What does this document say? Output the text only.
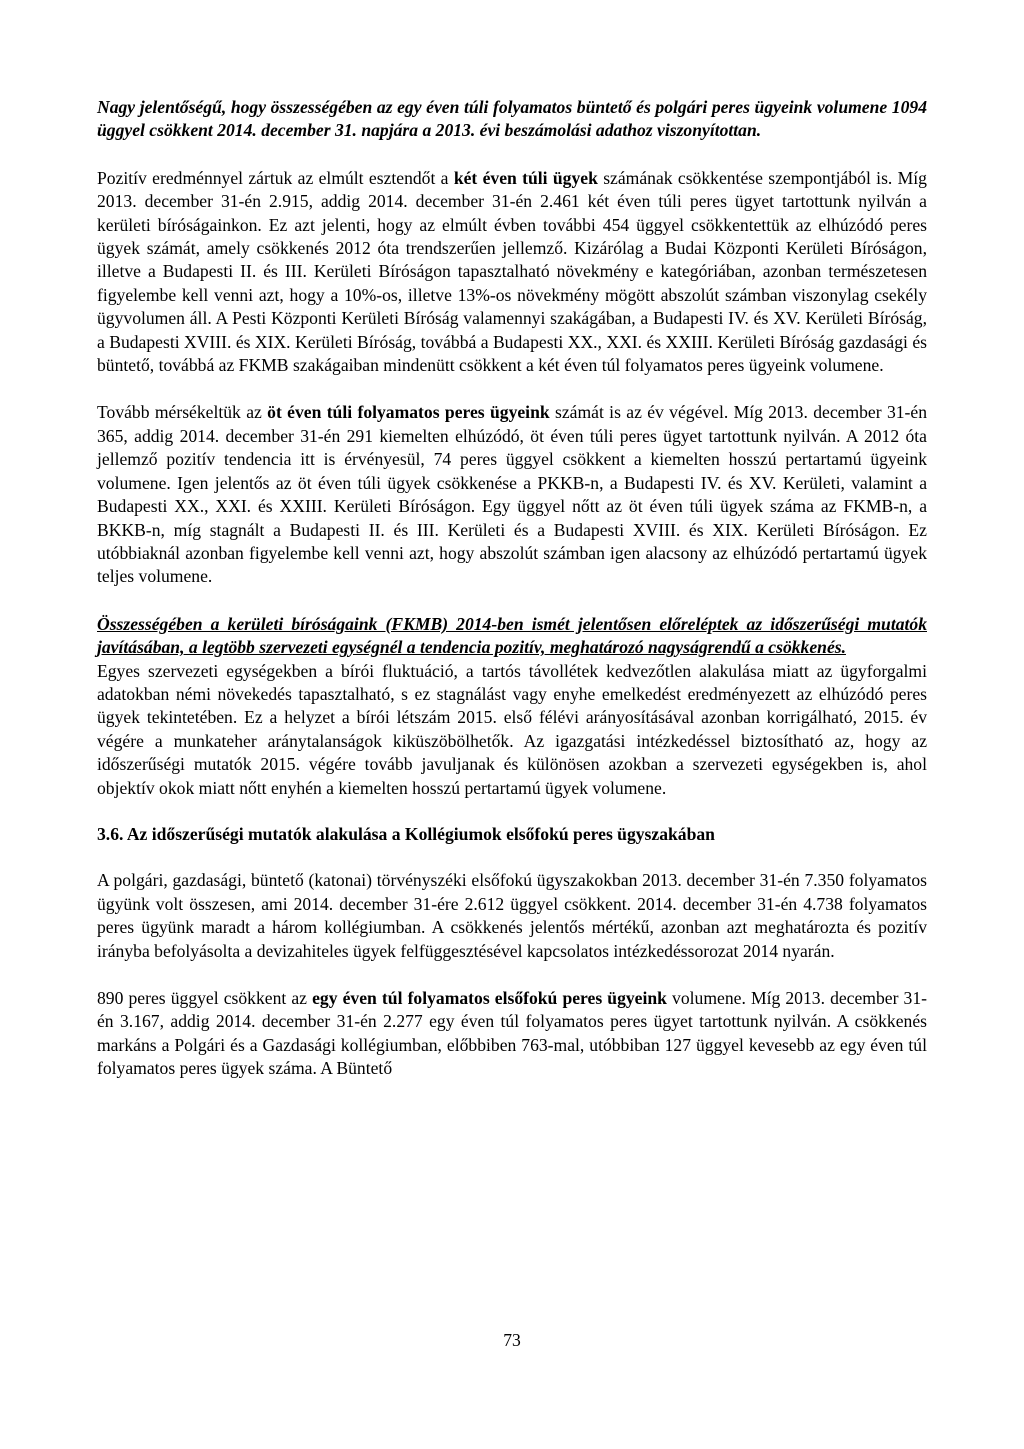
Nagy jelentőségű, hogy összességében az egy éven túli folyamatos büntető és polgári peres ügyeink volumene 1094 üggyel csökkent 2014. december 31. napjára a 2013. évi beszámolási adathoz viszonyítottan.

Pozitív eredménnyel zártuk az elmúlt esztendőt a két éven túli ügyek számának csökkentése szempontjából is. Míg 2013. december 31-én 2.915, addig 2014. december 31-én 2.461 két éven túli peres ügyet tartottunk nyilván a kerületi bíróságainkon. Ez azt jelenti, hogy az elmúlt évben további 454 üggyel csökkentettük az elhúzódó peres ügyek számát, amely csökkenés 2012 óta trendszerűen jellemző. Kizárólag a Budai Központi Kerületi Bíróságon, illetve a Budapesti II. és III. Kerületi Bíróságon tapasztalható növekmény e kategóriában, azonban természetesen figyelembe kell venni azt, hogy a 10%-os, illetve 13%-os növekmény mögött abszolút számban viszonylag csekély ügyvolumen áll. A Pesti Központi Kerületi Bíróság valamennyi szakágában, a Budapesti IV. és XV. Kerületi Bíróság, a Budapesti XVIII. és XIX. Kerületi Bíróság, továbbá a Budapesti XX., XXI. és XXIII. Kerületi Bíróság gazdasági és büntető, továbbá az FKMB szakágaiban mindenütt csökkent a két éven túl folyamatos peres ügyeink volumene.

Tovább mérsékeltük az öt éven túli folyamatos peres ügyeink számát is az év végével. Míg 2013. december 31-én 365, addig 2014. december 31-én 291 kiemelten elhúzódó, öt éven túli peres ügyet tartottunk nyilván. A 2012 óta jellemző pozitív tendencia itt is érvényesül, 74 peres üggyel csökkent a kiemelten hosszú pertartamú ügyeink volumene. Igen jelentős az öt éven túli ügyek csökkenése a PKKB-n, a Budapesti IV. és XV. Kerületi, valamint a Budapesti XX., XXI. és XXIII. Kerületi Bíróságon. Egy üggyel nőtt az öt éven túli ügyek száma az FKMB-n, a BKKB-n, míg stagnált a Budapesti II. és III. Kerületi és a Budapesti XVIII. és XIX. Kerületi Bíróságon. Ez utóbbiaknál azonban figyelembe kell venni azt, hogy abszolút számban igen alacsony az elhúzódó pertartamú ügyek teljes volumene.

Összességében a kerületi bíróságaink (FKMB) 2014-ben ismét jelentősen előreléptek az időszerűségi mutatók javításában, a legtöbb szervezeti egységnél a tendencia pozitív, meghatározó nagyságrendű a csökkenés.

Egyes szervezeti egységekben a bírói fluktuáció, a tartós távollétek kedvezőtlen alakulása miatt az ügyforgalmi adatokban némi növekedés tapasztalható, s ez stagnálást vagy enyhe emelkedést eredményezett az elhúzódó peres ügyek tekintetében. Ez a helyzet a bírói létszám 2015. első félévi arányosításával azonban korrigálható, 2015. év végére a munkateher aránytalanságok kiküszöbölhetők. Az igazgatási intézkedéssel biztosítható az, hogy az időszerűségi mutatók 2015. végére tovább javuljanak és különösen azokban a szervezeti egységekben is, ahol objektív okok miatt nőtt enyhén a kiemelten hosszú pertartamú ügyek volumene.

3.6. Az időszerűségi mutatók alakulása a Kollégiumok elsőfokú peres ügyszakában

A polgári, gazdasági, büntető (katonai) törvényszéki elsőfokú ügyszakokban 2013. december 31-én 7.350 folyamatos ügyünk volt összesen, ami 2014. december 31-ére 2.612 üggyel csökkent. 2014. december 31-én 4.738 folyamatos peres ügyünk maradt a három kollégiumban. A csökkenés jelentős mértékű, azonban azt meghatározta és pozitív irányba befolyásolta a devizahiteles ügyek felfüggesztésével kapcsolatos intézkedéssorozat 2014 nyarán.

890 peres üggyel csökkent az egy éven túl folyamatos elsőfokú peres ügyeink volumene. Míg 2013. december 31-én 3.167, addig 2014. december 31-én 2.277 egy éven túl folyamatos peres ügyet tartottunk nyilván. A csökkenés markáns a Polgári és a Gazdasági kollégiumban, előbbiben 763-mal, utóbbiban 127 üggyel kevesebb az egy éven túl folyamatos peres ügyek száma. A Büntető

73
